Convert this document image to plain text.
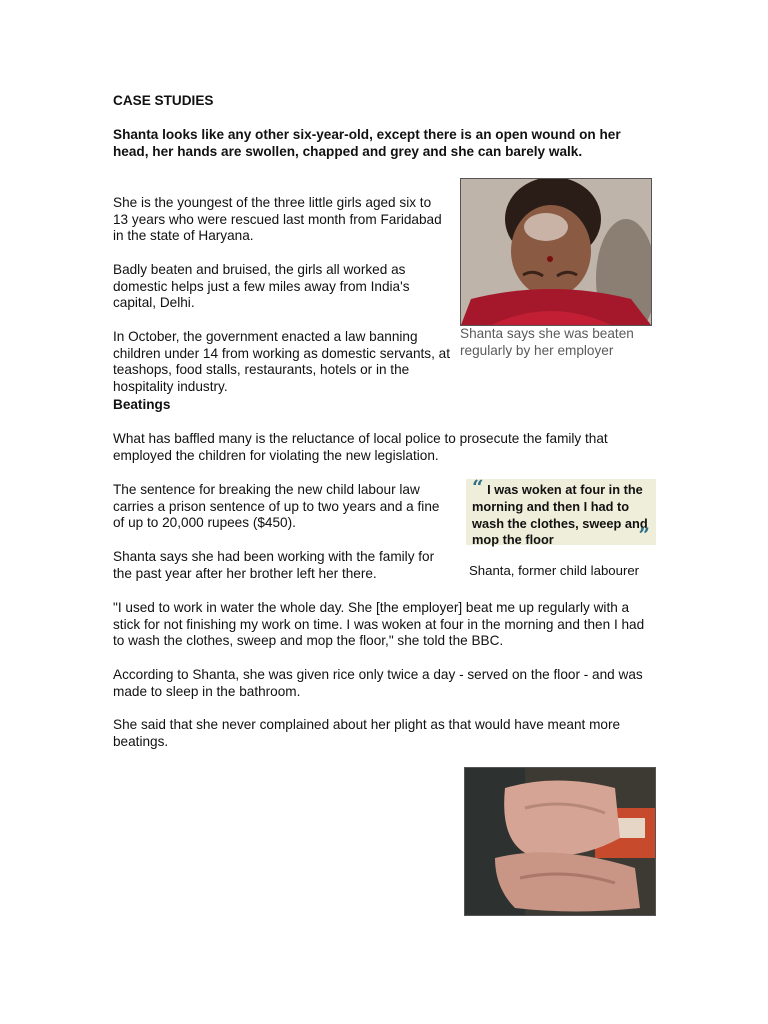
CASE STUDIES

Shanta looks like any other six-year-old, except there is an open wound on her head, her hands are swollen, chapped and grey and she can barely walk.

She is the youngest of the three little girls aged six to 13 years who were rescued last month from Faridabad in the state of Haryana.

Badly beaten and bruised, the girls all worked as domestic helps just a few miles away from India's capital, Delhi.

In October, the government enacted a law banning children under 14 from working as domestic servants, at teashops, food stalls, restaurants, hotels or in the hospitality industry.

Shanta says she was beaten regularly by her employer
Beatings

What has baffled many is the reluctance of local police to prosecute the family that employed the children for violating the new legislation.

The sentence for breaking the new child labour law carries a prison sentence of up to two years and a fine of up to 20,000 rupees ($450).

Shanta says she had been working with the family for the past year after her brother left her there.

“ I was woken at four in the morning and then I had to wash the clothes, sweep and mop the floor	”
Shanta, former child labourer

"I used to work in water the whole day. She [the employer] beat me up regularly with a stick for not finishing my work on time. I was woken at four in the morning and then I had to wash the clothes, sweep and mop the floor," she told the BBC.

According to Shanta, she was given rice only twice a day - served on the floor - and was made to sleep in the bathroom.

She said that she never complained about her plight as that would have meant more beatings.
